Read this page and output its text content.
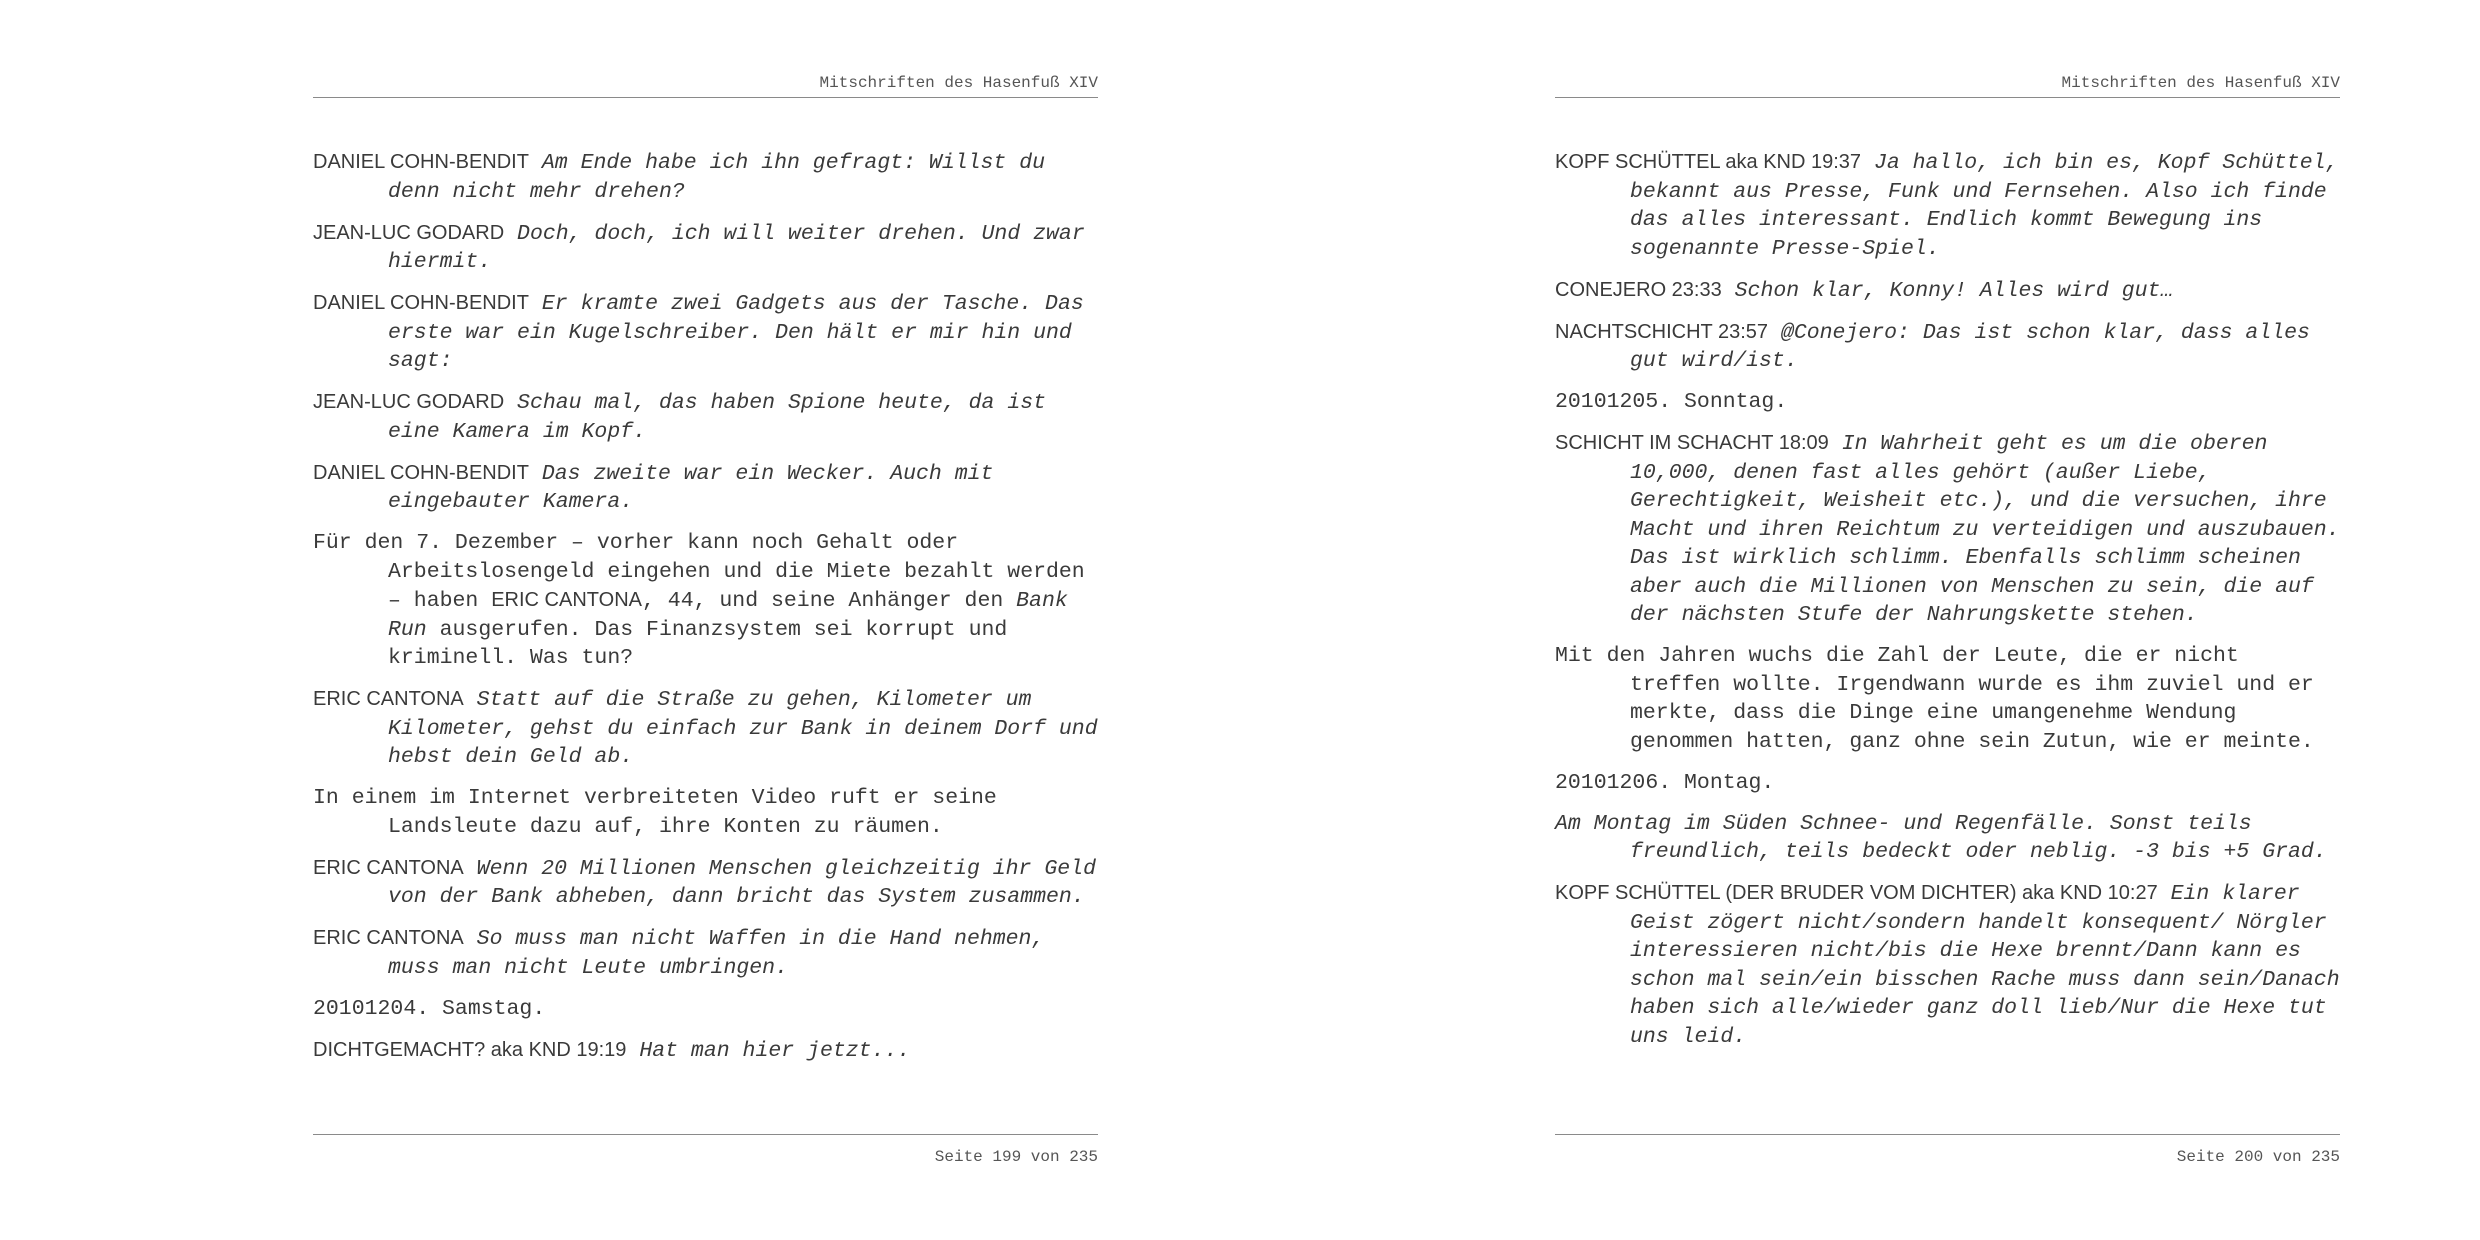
Mitschriften des Hasenfuß XIV

DANIEL COHN-BENDIT Am Ende habe ich ihn gefragt: Willst du denn nicht mehr drehen?

JEAN-LUC GODARD Doch, doch, ich will weiter drehen. Und zwar hiermit.

DANIEL COHN-BENDIT Er kramte zwei Gadgets aus der Tasche. Das erste war ein Kugelschreiber. Den hält er mir hin und sagt:

JEAN-LUC GODARD Schau mal, das haben Spione heute, da ist eine Kamera im Kopf.

DANIEL COHN-BENDIT Das zweite war ein Wecker. Auch mit eingebauter Kamera.

Für den 7. Dezember – vorher kann noch Gehalt oder Arbeitslosengeld eingehen und die Miete bezahlt werden – haben ERIC CANTONA, 44, und seine Anhänger den Bank Run ausgerufen. Das Finanzsystem sei korrupt und kriminell. Was tun?

ERIC CANTONA Statt auf die Straße zu gehen, Kilometer um Kilometer, gehst du einfach zur Bank in deinem Dorf und hebst dein Geld ab.

In einem im Internet verbreiteten Video ruft er seine Landsleute dazu auf, ihre Konten zu räumen.

ERIC CANTONA Wenn 20 Millionen Menschen gleichzeitig ihr Geld von der Bank abheben, dann bricht das System zusammen.

ERIC CANTONA So muss man nicht Waffen in die Hand nehmen, muss man nicht Leute umbringen.

20101204. Samstag.

DICHTGEMACHT? aka KND 19:19 Hat man hier jetzt...

Seite 199 von 235
Mitschriften des Hasenfuß XIV

KOPF SCHÜTTEL aka KND 19:37 Ja hallo, ich bin es, Kopf Schüttel, bekannt aus Presse, Funk und Fernsehen. Also ich finde das alles interessant. Endlich kommt Bewegung ins sogenannte Presse-Spiel.

CONEJERO 23:33 Schon klar, Konny! Alles wird gut…

NACHTSCHICHT 23:57 @Conejero: Das ist schon klar, dass alles gut wird/ist.

20101205. Sonntag.

SCHICHT IM SCHACHT 18:09 In Wahrheit geht es um die oberen 10,000, denen fast alles gehört (außer Liebe, Gerechtigkeit, Weisheit etc.), und die versuchen, ihre Macht und ihren Reichtum zu verteidigen und auszubauen. Das ist wirklich schlimm. Ebenfalls schlimm scheinen aber auch die Millionen von Menschen zu sein, die auf der nächsten Stufe der Nahrungskette stehen.

Mit den Jahren wuchs die Zahl der Leute, die er nicht treffen wollte. Irgendwann wurde es ihm zuviel und er merkte, dass die Dinge eine umangenehme Wendung genommen hatten, ganz ohne sein Zutun, wie er meinte.

20101206. Montag.

Am Montag im Süden Schnee- und Regenfälle. Sonst teils freundlich, teils bedeckt oder neblig. -3 bis +5 Grad.

KOPF SCHÜTTEL (DER BRUDER VOM DICHTER) aka KND 10:27 Ein klarer Geist zögert nicht/sondern handelt konsequent/ Nörgler interessieren nicht/bis die Hexe brennt/Dann kann es schon mal sein/ein bisschen Rache muss dann sein/Danach haben sich alle/wieder ganz doll lieb/Nur die Hexe tut uns leid.

Seite 200 von 235
